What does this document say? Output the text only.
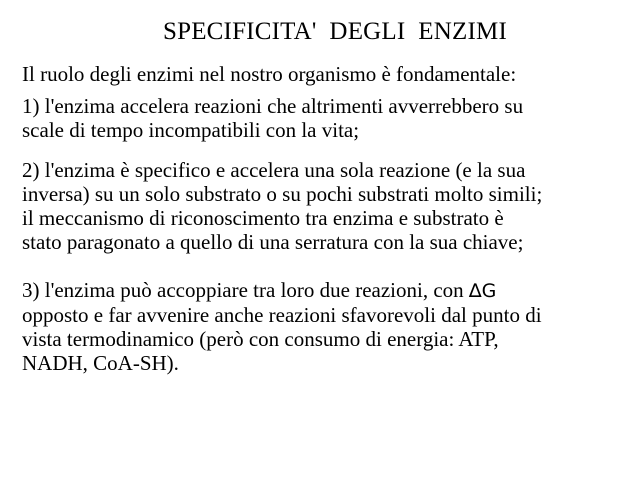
SPECIFICITA'  DEGLI  ENZIMI

Il ruolo degli enzimi nel nostro organismo è fondamentale:

1) l'enzima accelera reazioni che altrimenti avverrebbero su
scale di tempo incompatibili con la vita;

2) l'enzima è specifico e accelera una sola reazione (e la sua
inversa) su un solo substrato o su pochi substrati molto simili;
il meccanismo di riconoscimento tra enzima e substrato è
stato paragonato a quello di una serratura con la sua chiave;

3) l'enzima può accoppiare tra loro due reazioni, con ∆G
opposto e far avvenire anche reazioni sfavorevoli dal punto di
vista termodinamico (però con consumo di energia: ATP,
NADH, CoA-SH).
